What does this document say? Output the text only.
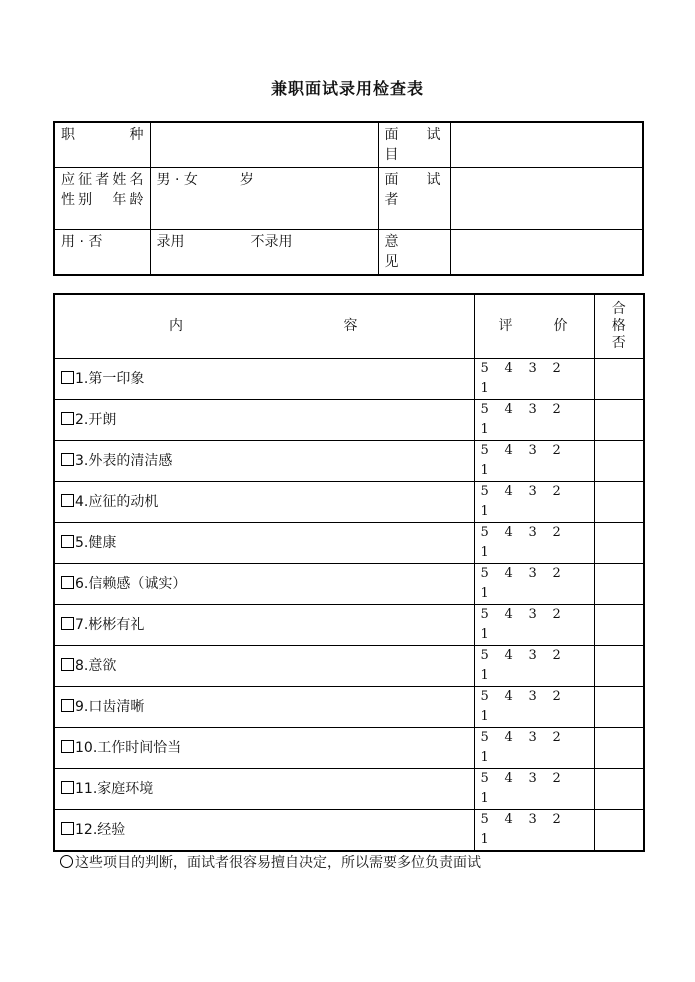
兼职面试录用检查表
职　　种		面　试　目	

应征者姓名性别　年龄	男 · 女　　　岁	面　试　者	

用 · 否	录用 不录用	意　见	

内 容	评 价	合格否

1.第一印象	5 4 3 21	
2.开朗	5 4 3 21	
3.外表的清洁感	5 4 3 21	
4.应征的动机	5 4 3 21	
5.健康	5 4 3 21	
6.信赖感（诚实）	5 4 3 21	
7.彬彬有礼	5 4 3 21	
8.意欲	5 4 3 21	
9.口齿清晰	5 4 3 21	
10.工作时间恰当	5 4 3 21	
11.家庭环境	5 4 3 21	
12.经验	5 4 3 21	
这些项目的判断，面试者很容易擅自决定，所以需要多位负责面试
